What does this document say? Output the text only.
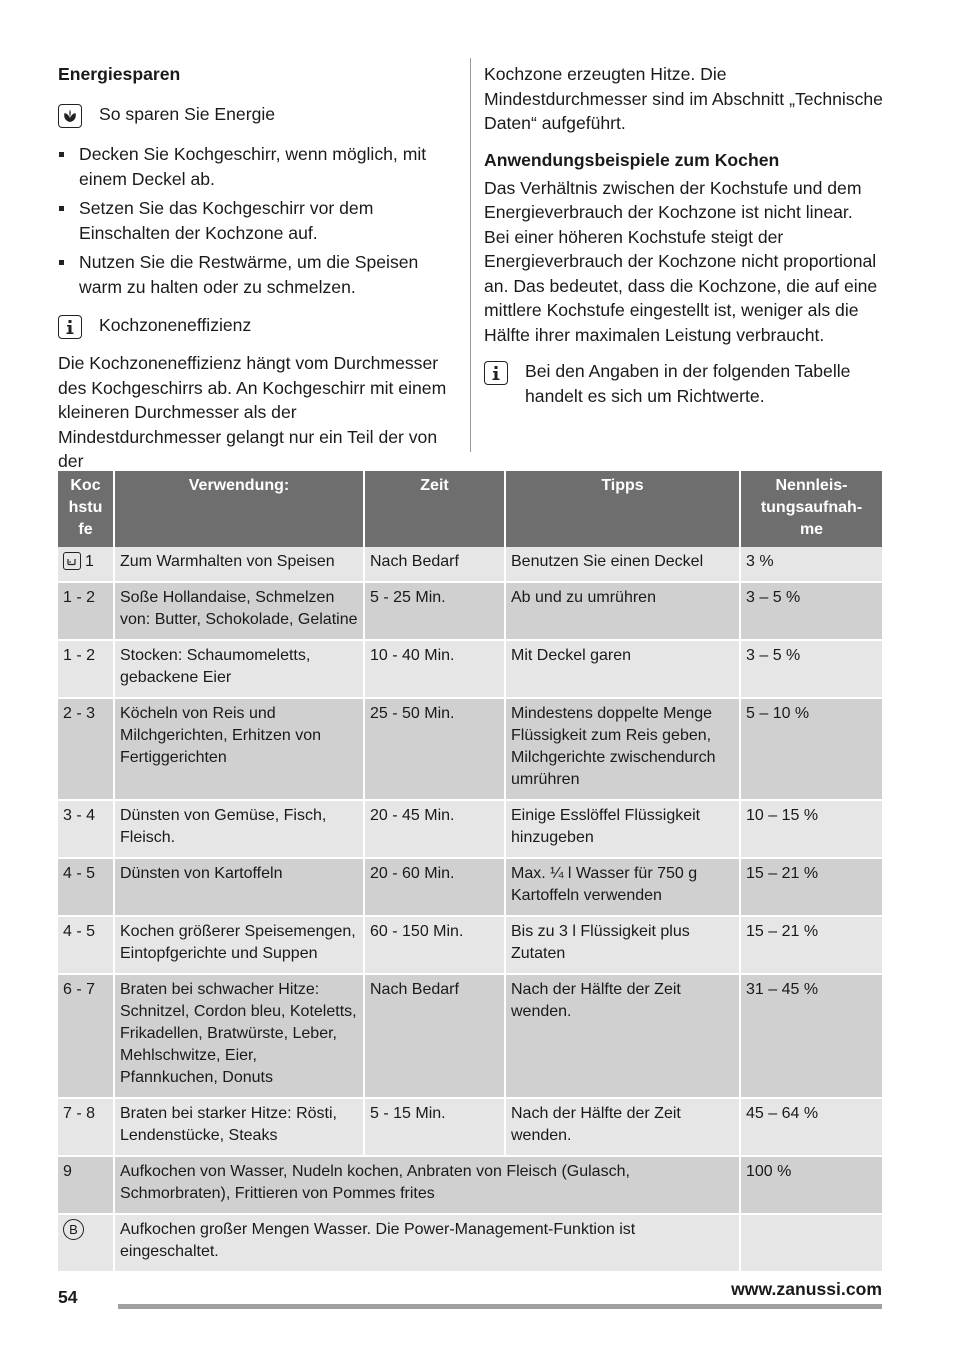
Energiesparen
So sparen Sie Energie
Decken Sie Kochgeschirr, wenn möglich, mit einem Deckel ab.
Setzen Sie das Kochgeschirr vor dem Einschalten der Kochzone auf.
Nutzen Sie die Restwärme, um die Speisen warm zu halten oder zu schmelzen.
Kochzoneneffizienz

Die Kochzoneneffizienz hängt vom Durchmesser des Kochgeschirrs ab. An Kochgeschirr mit einem kleineren Durchmesser als der Mindestdurchmesser gelangt nur ein Teil der von der

Kochzone erzeugten Hitze. Die Mindestdurchmesser sind im Abschnitt „Technische Daten“ aufgeführt.

Anwendungsbeispiele zum Kochen

Das Verhältnis zwischen der Kochstufe und dem Energieverbrauch der Kochzone ist nicht linear.

Bei einer höheren Kochstufe steigt der Energieverbrauch der Kochzone nicht proportional an. Das bedeutet, dass die Kochzone, die auf eine mittlere Kochstufe eingestellt ist, weniger als die Hälfte ihrer maximalen Leistung verbraucht.

Bei den Angaben in der folgenden Tabelle handelt es sich um Richtwerte.
Koc hstu fe	Verwendung:	Zeit	Tipps	Nennleis- tungsaufnah- me

1	Zum Warmhalten von Speisen	Nach Bedarf	Benutzen Sie einen Deckel	3 %
1 - 2	Soße Hollandaise, Schmelzen von: Butter, Schokolade, Gelatine	5 - 25 Min.	Ab und zu umrühren	3 – 5 %
1 - 2	Stocken: Schaumomeletts, gebackene Eier	10 - 40 Min.	Mit Deckel garen	3 – 5 %
2 - 3	Köcheln von Reis und Milchgerichten, Erhitzen von Fertiggerichten	25 - 50 Min.	Mindestens doppelte Menge Flüssigkeit zum Reis geben, Milchgerichte zwischendurch umrühren	5 – 10 %
3 - 4	Dünsten von Gemüse, Fisch, Fleisch.	20 - 45 Min.	Einige Esslöffel Flüssigkeit hinzugeben	10 – 15 %
4 - 5	Dünsten von Kartoffeln	20 - 60 Min.	Max. ¼ l Wasser für 750 g Kartoffeln verwenden	15 – 21 %
4 - 5	Kochen größerer Speisemengen, Eintopfgerichte und Suppen	60 - 150 Min.	Bis zu 3 l Flüssigkeit plus Zutaten	15 – 21 %
6 - 7	Braten bei schwacher Hitze: Schnitzel, Cordon bleu, Koteletts, Frikadellen, Bratwürste, Leber, Mehlschwitze, Eier, Pfannkuchen, Donuts	Nach Bedarf	Nach der Hälfte der Zeit wenden.	31 – 45 %
7 - 8	Braten bei starker Hitze: Rösti, Lendenstücke, Steaks	5 - 15 Min.	Nach der Hälfte der Zeit wenden.	45 – 64 %
9	Aufkochen von Wasser, Nudeln kochen, Anbraten von Fleisch (Gulasch, Schmorbraten), Frittieren von Pommes frites			100 %
B	Aufkochen großer Mengen Wasser. Die Power-Management-Funktion ist eingeschaltet.			
54	www.zanussi.com
